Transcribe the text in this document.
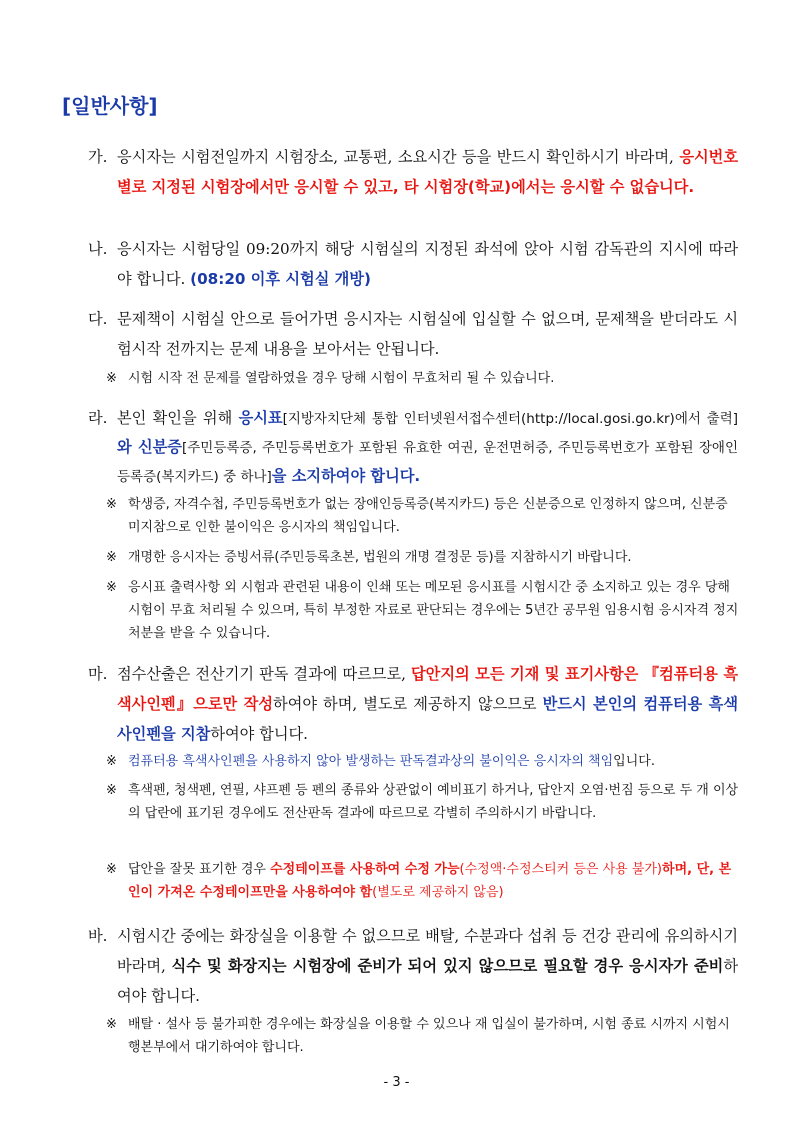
[일반사항]
가. 응시자는 시험전일까지 시험장소, 교통편, 소요시간 등을 반드시 확인하시기 바라며, 응시번호별로 지정된 시험장에서만 응시할 수 있고, 타 시험장(학교)에서는 응시할 수 없습니다.
나. 응시자는 시험당일 09:20까지 해당 시험실의 지정된 좌석에 앉아 시험 감독관의 지시에 따라야 합니다. (08:20 이후 시험실 개방)
다. 문제책이 시험실 안으로 들어가면 응시자는 시험실에 입실할 수 없으며, 문제책을 받더라도 시험시작 전까지는 문제 내용을 보아서는 안됩니다.
※ 시험 시작 전 문제를 열람하였을 경우 당해 시험이 무효처리 될 수 있습니다.
라. 본인 확인을 위해 응시표[지방자치단체 통합 인터넷원서접수센터(http://local.gosi.go.kr)에서 출력]와 신분증[주민등록증, 주민등록번호가 포함된 유효한 여권, 운전면허증, 주민등록번호가 포함된 장애인등록증(복지카드) 중 하나]을 소지하여야 합니다.
※ 학생증, 자격수첩, 주민등록번호가 없는 장애인등록증(복지카드) 등은 신분증으로 인정하지 않으며, 신분증 미지참으로 인한 불이익은 응시자의 책임입니다.
※ 개명한 응시자는 증빙서류(주민등록초본, 법원의 개명 결정문 등)를 지참하시기 바랍니다.
※ 응시표 출력사항 외 시험과 관련된 내용이 인쇄 또는 메모된 응시표를 시험시간 중 소지하고 있는 경우 당해시험이 무효 처리될 수 있으며, 특히 부정한 자료로 판단되는 경우에는 5년간 공무원 임용시험 응시자격 정지 처분을 받을 수 있습니다.
마. 점수산출은 전산기기 판독 결과에 따르므로, 답안지의 모든 기재 및 표기사항은 『컴퓨터용 흑색사인펜』으로만 작성하여야 하며, 별도로 제공하지 않으므로 반드시 본인의 컴퓨터용 흑색사인펜을 지참하여야 합니다.
※ 컴퓨터용 흑색사인펜을 사용하지 않아 발생하는 판독결과상의 불이익은 응시자의 책임입니다.
※ 흑색펜, 청색펜, 연필, 샤프펜 등 펜의 종류와 상관없이 예비표기 하거나, 답안지 오염·번짐 등으로 두 개 이상의 답란에 표기된 경우에도 전산판독 결과에 따르므로 각별히 주의하시기 바랍니다.
※ 답안을 잘못 표기한 경우 수정테이프를 사용하여 수정 가능(수정액·수정스티커 등은 사용 불가)하며, 단, 본인이 가져온 수정테이프만을 사용하여야 함(별도로 제공하지 않음)
바. 시험시간 중에는 화장실을 이용할 수 없으므로 배탈, 수분과다 섭취 등 건강 관리에 유의하시기 바라며, 식수 및 화장지는 시험장에 준비가 되어 있지 않으므로 필요할 경우 응시자가 준비하여야 합니다.
※ 배탈 · 설사 등 불가피한 경우에는 화장실을 이용할 수 있으나 재 입실이 불가하며, 시험 종료 시까지 시험시행본부에서 대기하여야 합니다.
- 3 -
